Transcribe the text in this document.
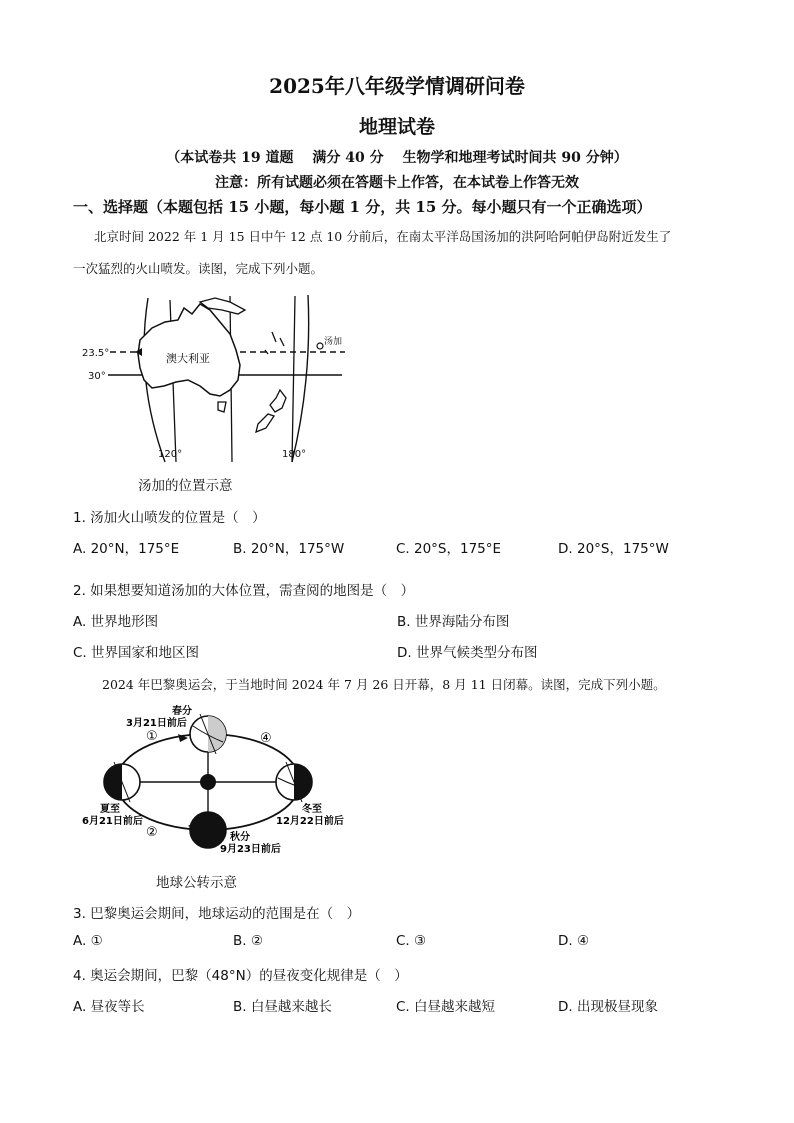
2025年八年级学情调研问卷
地理试卷
（本试卷共 19 道题　 满分 40 分　 生物学和地理考试时间共 90 分钟）
注意：所有试题必须在答题卡上作答，在本试卷上作答无效
一、选择题（本题包括 15 小题，每小题 1 分，共 15 分。每小题只有一个正确选项）
北京时间 2022 年 1 月 15 日中午 12 点 10 分前后，在南太平洋岛国汤加的洪阿哈阿帕伊岛附近发生了
一次猛烈的火山喷发。读图，完成下列小题。
23.5°
30°
120°	180°
澳大利亚
汤加
汤加的位置示意
1. 汤加火山喷发的位置是（　）
A. 20°N，175°E	B. 20°N，175°W	C. 20°S，175°E	D. 20°S，175°W
2. 如果想要知道汤加的大体位置，需查阅的地图是（　）
A. 世界地形图	B. 世界海陆分布图
C. 世界国家和地区图	D. 世界气候类型分布图
2024 年巴黎奥运会，于当地时间 2024 年 7 月 26 日开幕，8 月 11 日闭幕。读图，完成下列小题。
春分
3月21日前后
夏至
6月21日前后
冬至
12月22日前后
秋分
9月23日前后
①
②
④
地球公转示意
3. 巴黎奥运会期间，地球运动的范围是在（　）
A. ①	B. ②	C. ③	D. ④
4. 奥运会期间，巴黎（48°N）的昼夜变化规律是（　）
A. 昼夜等长	B. 白昼越来越长	C. 白昼越来越短	D. 出现极昼现象
